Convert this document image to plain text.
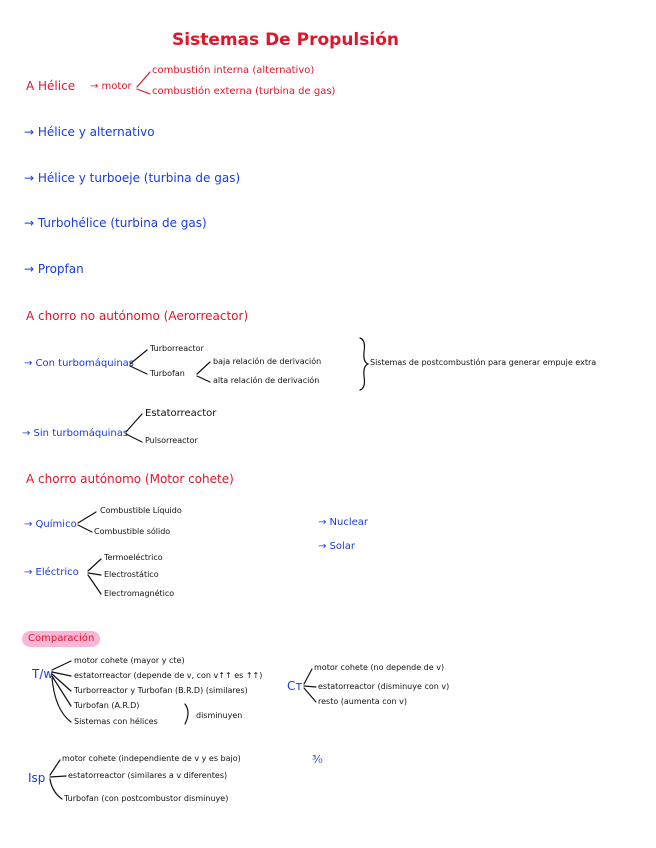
Sistemas De Propulsión
A Hélice → motor
combustión interna (alternativo)
combustión externa (turbina de gas)
→ Hélice y alternativo
→ Hélice y turboeje (turbina de gas)
→ Turbohélice (turbina de gas)
→ Propfan
A chorro no autónomo (Aerorreactor)
→ Con turbomáquinas
Turborreactor
Turbofan
baja relación de derivación
alta relación de derivación
Sistemas de postcombustión para generar empuje extra
→ Sin turbomáquinas
Estatorreactor
Pulsorreactor
A chorro autónomo (Motor cohete)
→ Químico
Combustible Líquido
Combustible sólido
→ Nuclear
→ Solar
→ Eléctrico
Termoeléctrico
Electrostático
Electromagnético
Comparación
T/w
motor cohete (mayor y cte)
estatorreactor (depende de v, con v↑↑ es ↑↑)
Turborreactor y Turbofan (B.R.D) (similares)
Turbofan (A.R.D)
Sistemas con hélices
disminuyen
Cᴛ
motor cohete (no depende de v)
estatorreactor (disminuye con v)
resto (aumenta con v)
Isp
motor cohete (independiente de v y es bajo)
estatorreactor (similares a v diferentes)
Turbofan (con postcombustor disminuye)
³⁄₀
